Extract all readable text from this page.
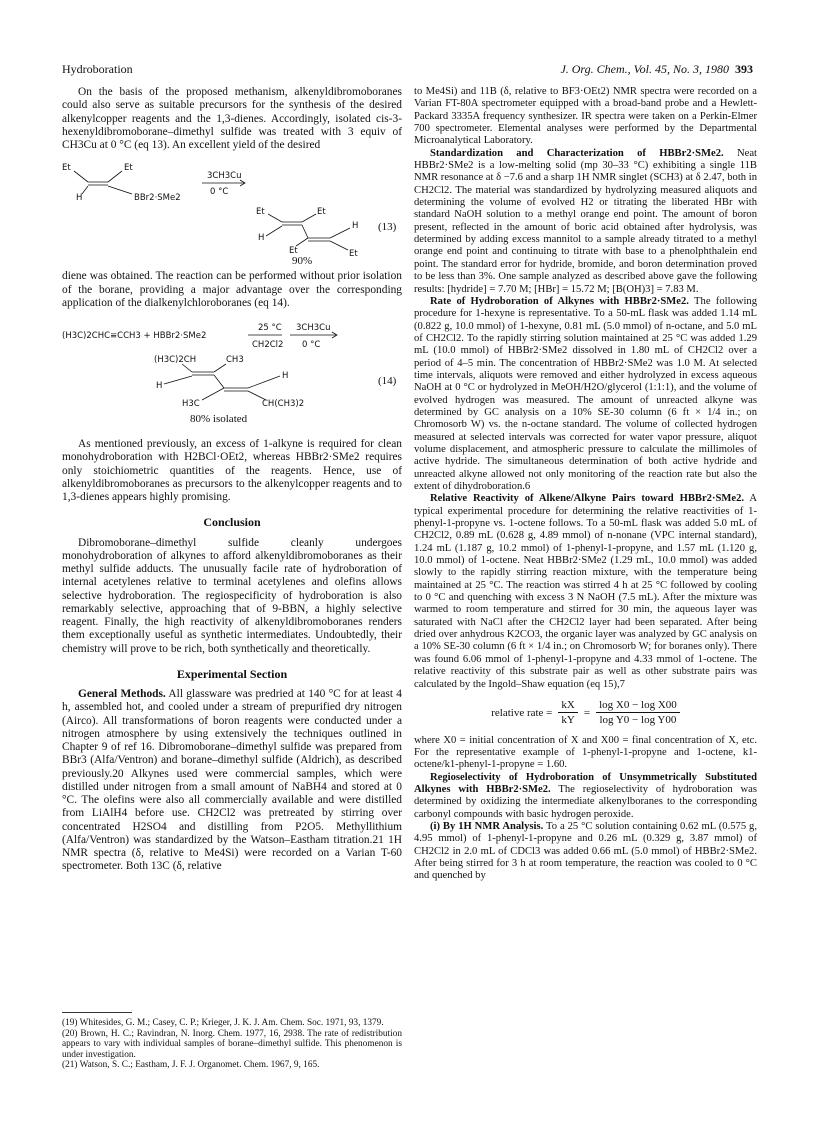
Hydroboration	J. Org. Chem., Vol. 45, No. 3, 1980 393

On the basis of the proposed methanism, alkenyldibromoboranes could also serve as suitable precursors for the synthesis of the desired alkenylcopper reagents and the 1,3-dienes. Accordingly, isolated cis-3-hexenyldibromoborane–dimethyl sulfide was treated with 3 equiv of CH3Cu at 0 °C (eq 13). An excellent yield of the desired

Et	Et
H	BBr2·SMe2
3CH3Cu
0 °C
Et	Et
H
H
Et	Et
(13)
90%

diene was obtained. The reaction can be performed without prior isolation of the borane, providing a major advantage over the corresponding application of the dialkenylchloroboranes (eq 14).

(H3C)2CHC≡CCH3 + HBBr2·SMe2
25 °C
CH2Cl2
3CH3Cu
0 °C
(H3C)2CH	CH3
H
H
H3C	CH(CH3)2
(14)
80% isolated

As mentioned previously, an excess of 1-alkyne is required for clean monohydroboration with H2BCl·OEt2, whereas HBBr2·SMe2 requires only stoichiometric quantities of the reagents. Hence, use of alkenyldibromoboranes as precursors to the alkenylcopper reagents and to 1,3-dienes appears highly promising.

Conclusion

Dibromoborane–dimethyl sulfide cleanly undergoes monohydroboration of alkynes to afford alkenyldibromoboranes as their methyl sulfide adducts. The unusually facile rate of hydroboration of internal acetylenes relative to terminal acetylenes and olefins allows selective hydroboration. The regiospecificity of hydroboration is also remarkably selective, approaching that of 9-BBN, a highly selective reagent. Finally, the high reactivity of alkenyldibromoboranes renders them exceptionally useful as synthetic intermediates. Undoubtedly, their chemistry will prove to be rich, both synthetically and theoretically.

Experimental Section

General Methods. All glassware was predried at 140 °C for at least 4 h, assembled hot, and cooled under a stream of prepurified dry nitrogen (Airco). All transformations of boron reagents were conducted under a nitrogen atmosphere by using extensively the techniques outlined in Chapter 9 of ref 16. Dibromoborane–dimethyl sulfide was prepared from BBr3 (Alfa/Ventron) and borane–dimethyl sulfide (Aldrich), as described previously.20 Alkynes used were commercial samples, which were distilled under nitrogen from a small amount of NaBH4 and stored at 0 °C. The olefins were also all commercially available and were distilled from LiAlH4 before use. CH2Cl2 was pretreated by stirring over concentrated H2SO4 and distilling from P2O5. Methyllithium (Alfa/Ventron) was standardized by the Watson–Eastham titration.21 1H NMR spectra (δ, relative to Me4Si) were recorded on a Varian T-60 spectrometer. Both 13C (δ, relative

(19) Whitesides, G. M.; Casey, C. P.; Krieger, J. K. J. Am. Chem. Soc. 1971, 93, 1379.

(20) Brown, H. C.; Ravindran, N. Inorg. Chem. 1977, 16, 2938. The rate of redistribution appears to vary with individual samples of borane–dimethyl sulfide. This phenomenon is under investigation.

(21) Watson, S. C.; Eastham, J. F. J. Organomet. Chem. 1967, 9, 165.

to Me4Si) and 11B (δ, relative to BF3·OEt2) NMR spectra were recorded on a Varian FT-80A spectrometer equipped with a broad-band probe and a Hewlett-Packard 3335A frequency synthesizer. IR spectra were taken on a Perkin-Elmer 700 spectrometer. Elemental analyses were performed by the Departmental Microanalytical Laboratory.

Standardization and Characterization of HBBr2·SMe2. Neat HBBr2·SMe2 is a low-melting solid (mp 30–33 °C) exhibiting a single 11B NMR resonance at δ −7.6 and a sharp 1H NMR singlet (SCH3) at δ 2.47, both in CH2Cl2. The material was standardized by hydrolyzing measured aliquots and determining the volume of evolved H2 or titrating the liberated HBr with standard NaOH solution to a methyl orange end point. The amount of boron present, reflected in the amount of boric acid obtained after hydrolysis, was determined by adding excess mannitol to a sample already titrated to a methyl orange end point and continuing to titrate with base to a phenolphthalein end point. The standard error for hydride, bromide, and boron determination proved to be less than 3%. One sample analyzed as described above gave the following results: [hydride] = 7.70 M; [HBr] = 15.72 M; [B(OH)3] = 7.83 M.

Rate of Hydroboration of Alkynes with HBBr2·SMe2. The following procedure for 1-hexyne is representative. To a 50-mL flask was added 1.14 mL (0.822 g, 10.0 mmol) of 1-hexyne, 0.81 mL (5.0 mmol) of n-octane, and 5.0 mL of CH2Cl2. To the rapidly stirring solution maintained at 25 °C was added 1.29 mL (10.0 mmol) of HBBr2·SMe2 dissolved in 1.80 mL of CH2Cl2 over a period of 4–5 min. The concentration of HBBr2·SMe2 was 1.0 M. At selected time intervals, aliquots were removed and either hydrolyzed in excess aqueous NaOH at 0 °C or hydrolyzed in MeOH/H2O/glycerol (1:1:1), and the volume of evolved hydrogen was measured. The amount of unreacted alkyne was determined by GC analysis on a 10% SE-30 column (6 ft × 1/4 in.; on Chromosorb W) vs. the n-octane standard. The volume of collected hydrogen measured at selected intervals was corrected for water vapor pressure, aliquot volume displacement, and atmospheric pressure to calculate the millimoles of active hydride. The simultaneous determination of both active hydride and unreacted alkyne allowed not only monitoring of the reaction rate but also the extent of dihydroboration.6

Relative Reactivity of Alkene/Alkyne Pairs toward HBBr2·SMe2. A typical experimental procedure for determining the relative reactivities of 1-phenyl-1-propyne vs. 1-octene follows. To a 50-mL flask was added 5.0 mL of CH2Cl2, 0.89 mL (0.628 g, 4.89 mmol) of n-nonane (VPC internal standard), 1.24 mL (1.187 g, 10.2 mmol) of 1-phenyl-1-propyne, and 1.57 mL (1.120 g, 10.0 mmol) of 1-octene. Neat HBBr2·SMe2 (1.29 mL, 10.0 mmol) was added slowly to the rapidly stirring reaction mixture, with the temperature being maintained at 25 °C. The reaction was stirred 4 h at 25 °C followed by cooling to 0 °C and quenching with excess 3 N NaOH (7.5 mL). After the mixture was warmed to room temperature and stirred for 30 min, the aqueous layer was saturated with NaCl after the CH2Cl2 layer had been separated. After being dried over anhydrous K2CO3, the organic layer was analyzed by GC analysis on a 10% SE-30 column (6 ft × 1/4 in.; on Chromosorb W; for boranes only). There was found 6.06 mmol of 1-phenyl-1-propyne and 4.33 mmol of 1-octene. The relative reactivity of this substrate pair as well as other substrate pairs was calculated by the Ingold–Shaw equation (eq 15),7

relative rate = $\frac{kX}{kY} = \frac{\text{log X0 − log X00}}{\text{log Y0 − log Y00}}$

where X0 = initial concentration of X and X00 = final concentration of X, etc. For the representative example of 1-phenyl-1-propyne and 1-octene, k1-octene/k1-phenyl-1-propyne = 1.60.

Regioselectivity of Hydroboration of Unsymmetrically Substituted Alkynes with HBBr2·SMe2. The regioselectivity of hydroboration was determined by oxidizing the intermediate alkenylboranes to the corresponding carbonyl compounds with basic hydrogen peroxide.

(i) By 1H NMR Analysis. To a 25 °C solution containing 0.62 mL (0.575 g, 4.95 mmol) of 1-phenyl-1-propyne and 0.26 mL (0.329 g, 3.87 mmol) of CH2Cl2 in 2.0 mL of CDCl3 was added 0.66 mL (5.0 mmol) of HBBr2·SMe2. After being stirred for 3 h at room temperature, the reaction was cooled to 0 °C and quenched by
